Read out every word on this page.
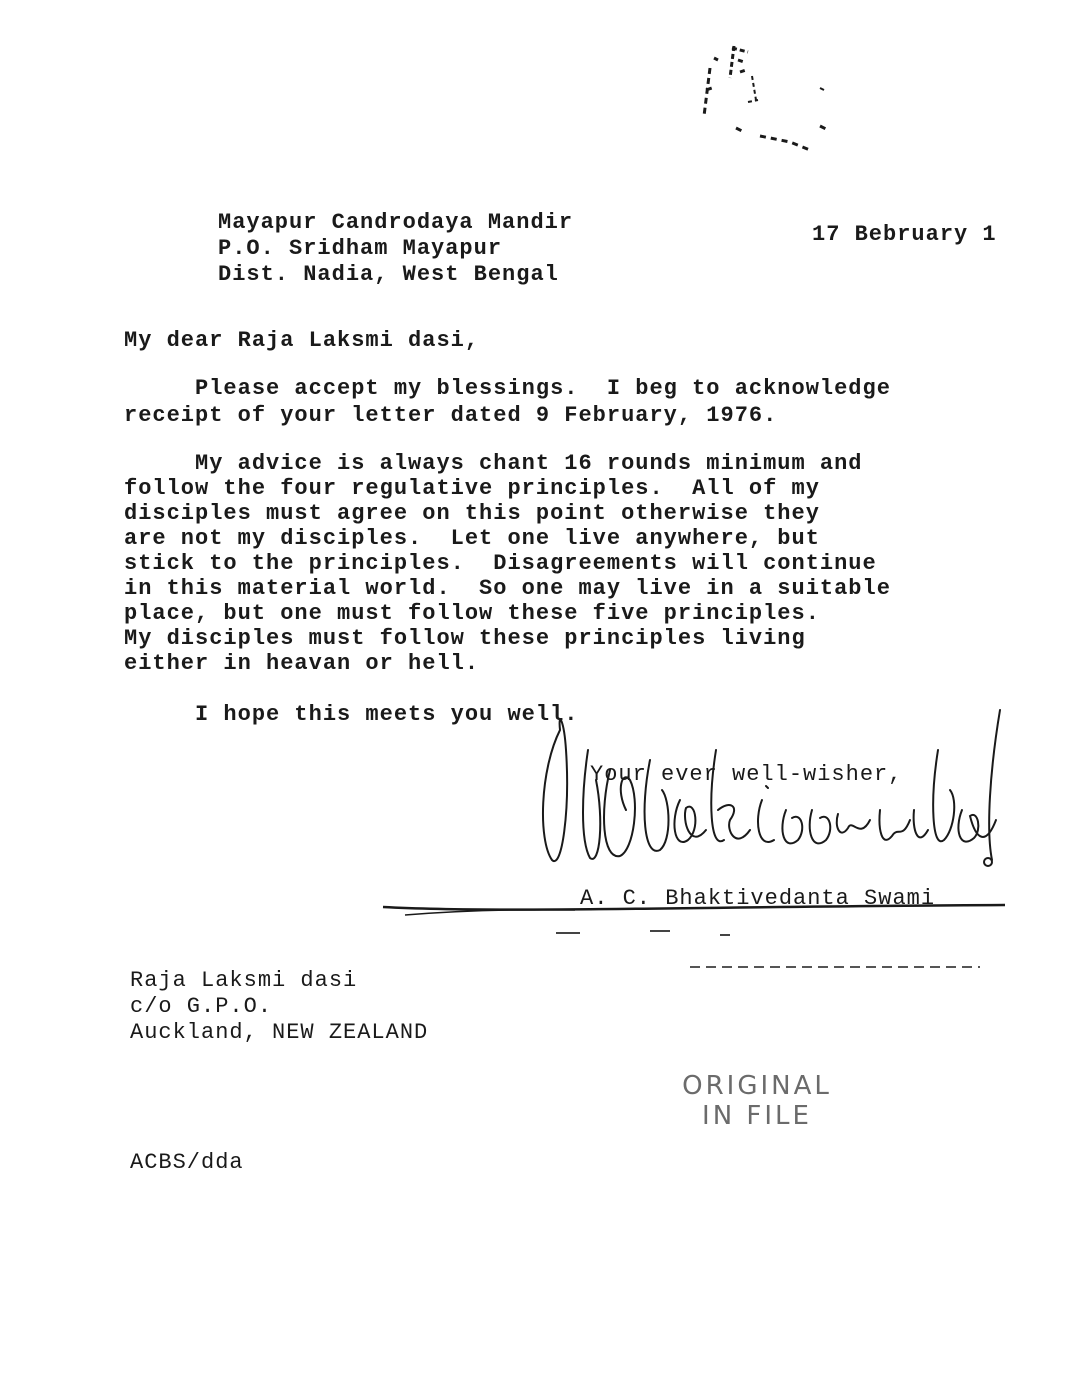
FL
Mayapur Candrodaya Mandir
P.O. Sridham Mayapur
Dist. Nadia, West Bengal
17 Bebruary 1
My dear Raja Laksmi dasi,
Please accept my blessings.  I beg to acknowledge
receipt of your letter dated 9 February, 1976.
My advice is always chant 16 rounds minimum and
follow the four regulative principles.  All of my
disciples must agree on this point otherwise they
are not my disciples.  Let one live anywhere, but
stick to the principles.  Disagreements will continue
in this material world.  So one may live in a suitable
place, but one must follow these five principles.
My disciples must follow these principles living
either in heavan or hell.
I hope this meets you well.
Your ever well-wisher,
A. C. Bhaktivedanta Swami
Raja Laksmi dasi
c/o G.P.O.
Auckland, NEW ZEALAND
ACBS/dda
ORIGINAL
IN FILE
